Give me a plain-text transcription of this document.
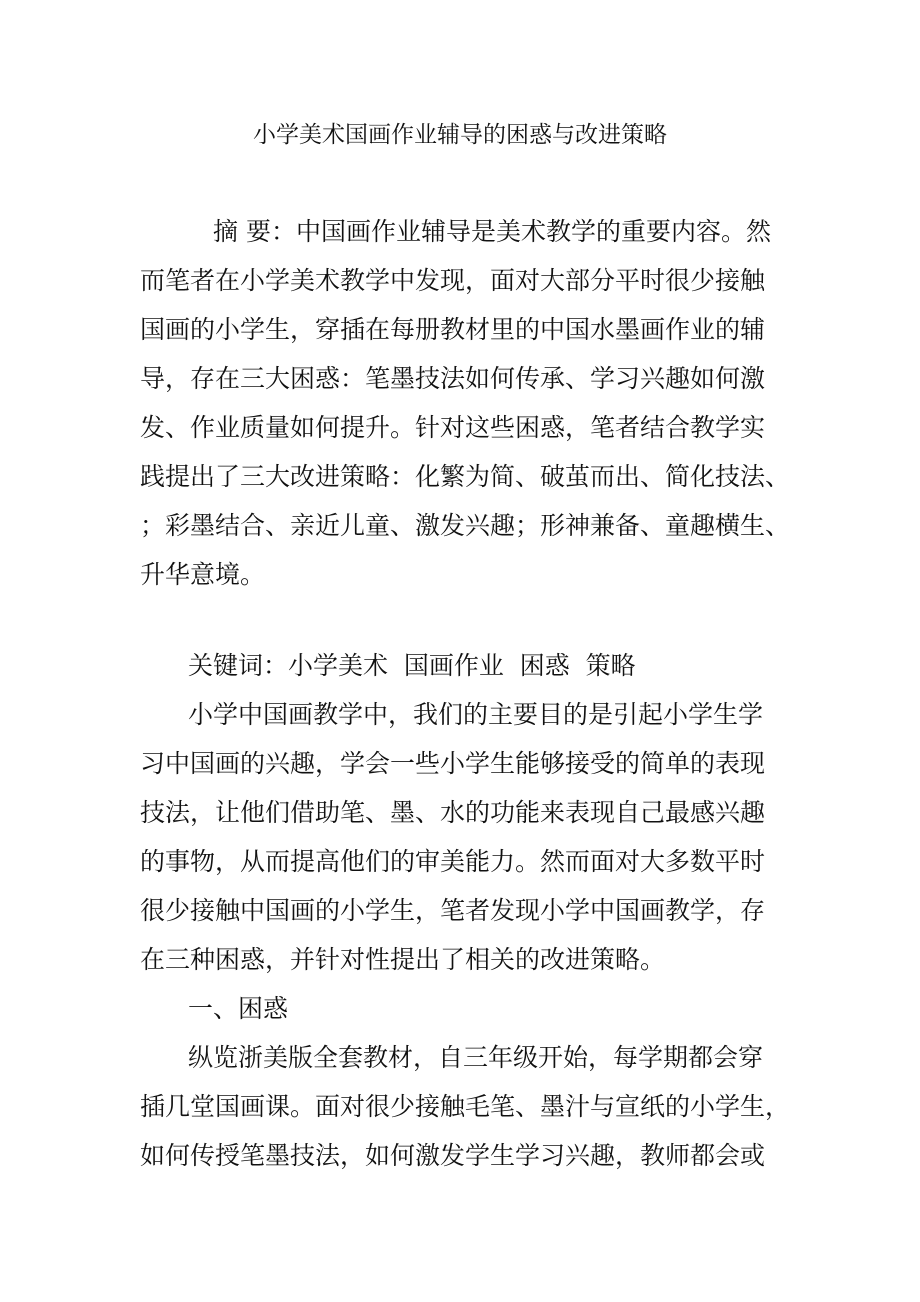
小学美术国画作业辅导的困惑与改进策略
摘 要：中国画作业辅导是美术教学的重要内容。然
而笔者在小学美术教学中发现，面对大部分平时很少接触
国画的小学生，穿插在每册教材里的中国水墨画作业的辅
导，存在三大困惑：笔墨技法如何传承、学习兴趣如何激
发、作业质量如何提升。针对这些困惑，笔者结合教学实
践提出了三大改进策略：化繁为简、破茧而出、简化技法、
；彩墨结合、亲近儿童、激发兴趣；形神兼备、童趣横生、
升华意境。
关键词：小学美术  国画作业  困惑  策略
小学中国画教学中，我们的主要目的是引起小学生学
习中国画的兴趣，学会一些小学生能够接受的简单的表现
技法，让他们借助笔、墨、水的功能来表现自己最感兴趣
的事物，从而提高他们的审美能力。然而面对大多数平时
很少接触中国画的小学生，笔者发现小学中国画教学，存
在三种困惑，并针对性提出了相关的改进策略。
一、困惑
纵览浙美版全套教材，自三年级开始，每学期都会穿
插几堂国画课。面对很少接触毛笔、墨汁与宣纸的小学生，
如何传授笔墨技法，如何激发学生学习兴趣，教师都会或
